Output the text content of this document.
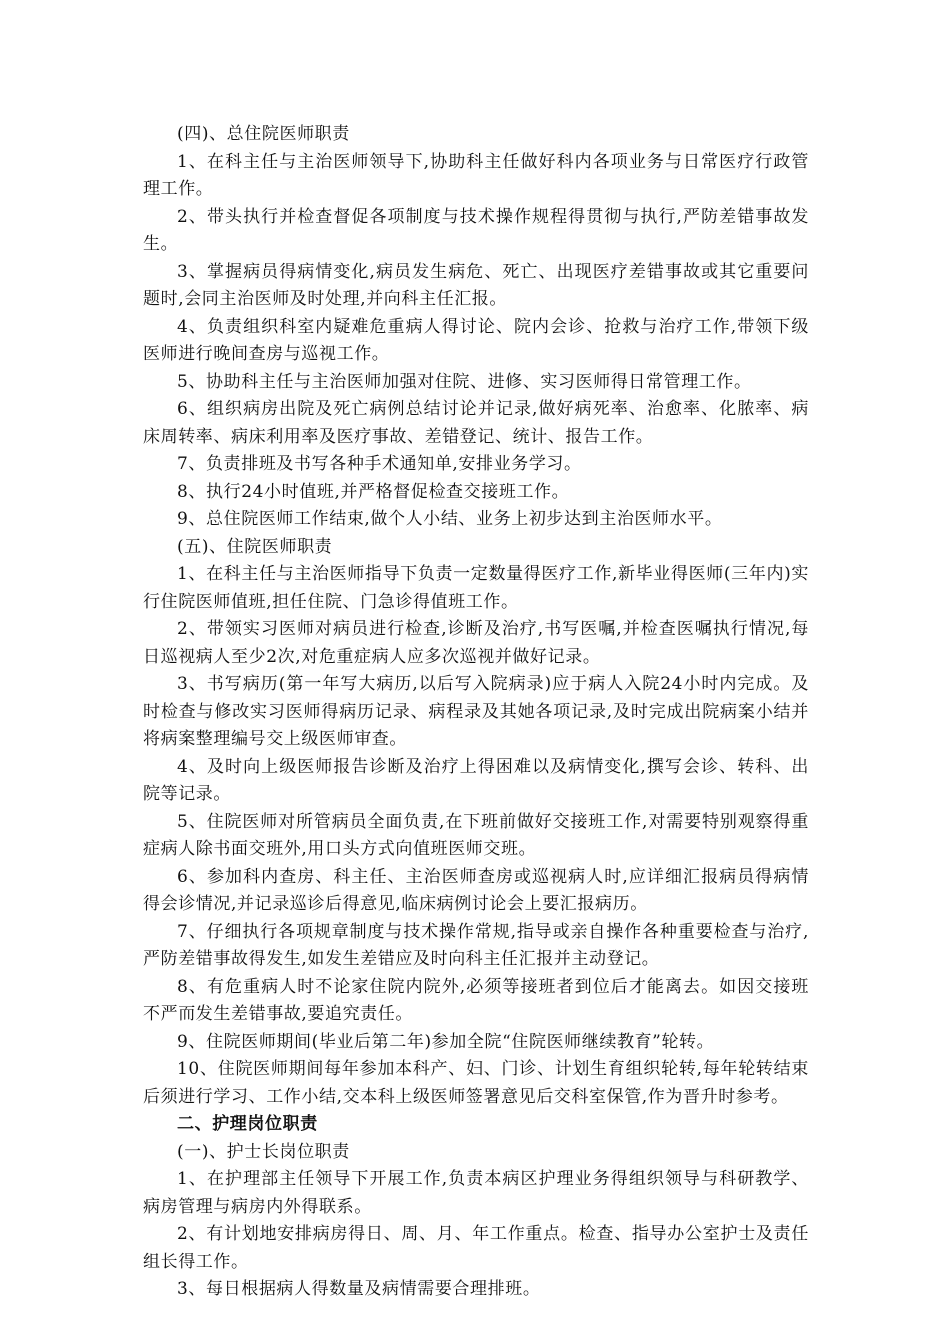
(四)、总住院医师职责

1、在科主任与主治医师领导下,协助科主任做好科内各项业务与日常医疗行政管理工作。

2、带头执行并检查督促各项制度与技术操作规程得贯彻与执行,严防差错事故发生。

3、掌握病员得病情变化,病员发生病危、死亡、出现医疗差错事故或其它重要问题时,会同主治医师及时处理,并向科主任汇报。

4、负责组织科室内疑难危重病人得讨论、院内会诊、抢救与治疗工作,带领下级医师进行晚间查房与巡视工作。

5、协助科主任与主治医师加强对住院、进修、实习医师得日常管理工作。

6、组织病房出院及死亡病例总结讨论并记录,做好病死率、治愈率、化脓率、病床周转率、病床利用率及医疗事故、差错登记、统计、报告工作。

7、负责排班及书写各种手术通知单,安排业务学习。

8、执行24小时值班,并严格督促检查交接班工作。

9、总住院医师工作结束,做个人小结、业务上初步达到主治医师水平。

(五)、住院医师职责

1、在科主任与主治医师指导下负责一定数量得医疗工作,新毕业得医师(三年内)实行住院医师值班,担任住院、门急诊得值班工作。

2、带领实习医师对病员进行检查,诊断及治疗,书写医嘱,并检查医嘱执行情况,每日巡视病人至少2次,对危重症病人应多次巡视并做好记录。

3、书写病历(第一年写大病历,以后写入院病录)应于病人入院24小时内完成。及时检查与修改实习医师得病历记录、病程录及其她各项记录,及时完成出院病案小结并将病案整理编号交上级医师审查。

4、及时向上级医师报告诊断及治疗上得困难以及病情变化,撰写会诊、转科、出院等记录。

5、住院医师对所管病员全面负责,在下班前做好交接班工作,对需要特别观察得重症病人除书面交班外,用口头方式向值班医师交班。

6、参加科内查房、科主任、主治医师查房或巡视病人时,应详细汇报病员得病情得会诊情况,并记录巡诊后得意见,临床病例讨论会上要汇报病历。

7、仔细执行各项规章制度与技术操作常规,指导或亲自操作各种重要检查与治疗,严防差错事故得发生,如发生差错应及时向科主任汇报并主动登记。

8、有危重病人时不论家住院内院外,必须等接班者到位后才能离去。如因交接班不严而发生差错事故,要追究责任。

9、住院医师期间(毕业后第二年)参加全院“住院医师继续教育”轮转。

10、住院医师期间每年参加本科产、妇、门诊、计划生育组织轮转,每年轮转结束后须进行学习、工作小结,交本科上级医师签署意见后交科室保管,作为晋升时参考。

二、护理岗位职责

(一)、护士长岗位职责

1、在护理部主任领导下开展工作,负责本病区护理业务得组织领导与科研教学、病房管理与病房内外得联系。

2、有计划地安排病房得日、周、月、年工作重点。检查、指导办公室护士及责任组长得工作。

3、每日根据病人得数量及病情需要合理排班。
